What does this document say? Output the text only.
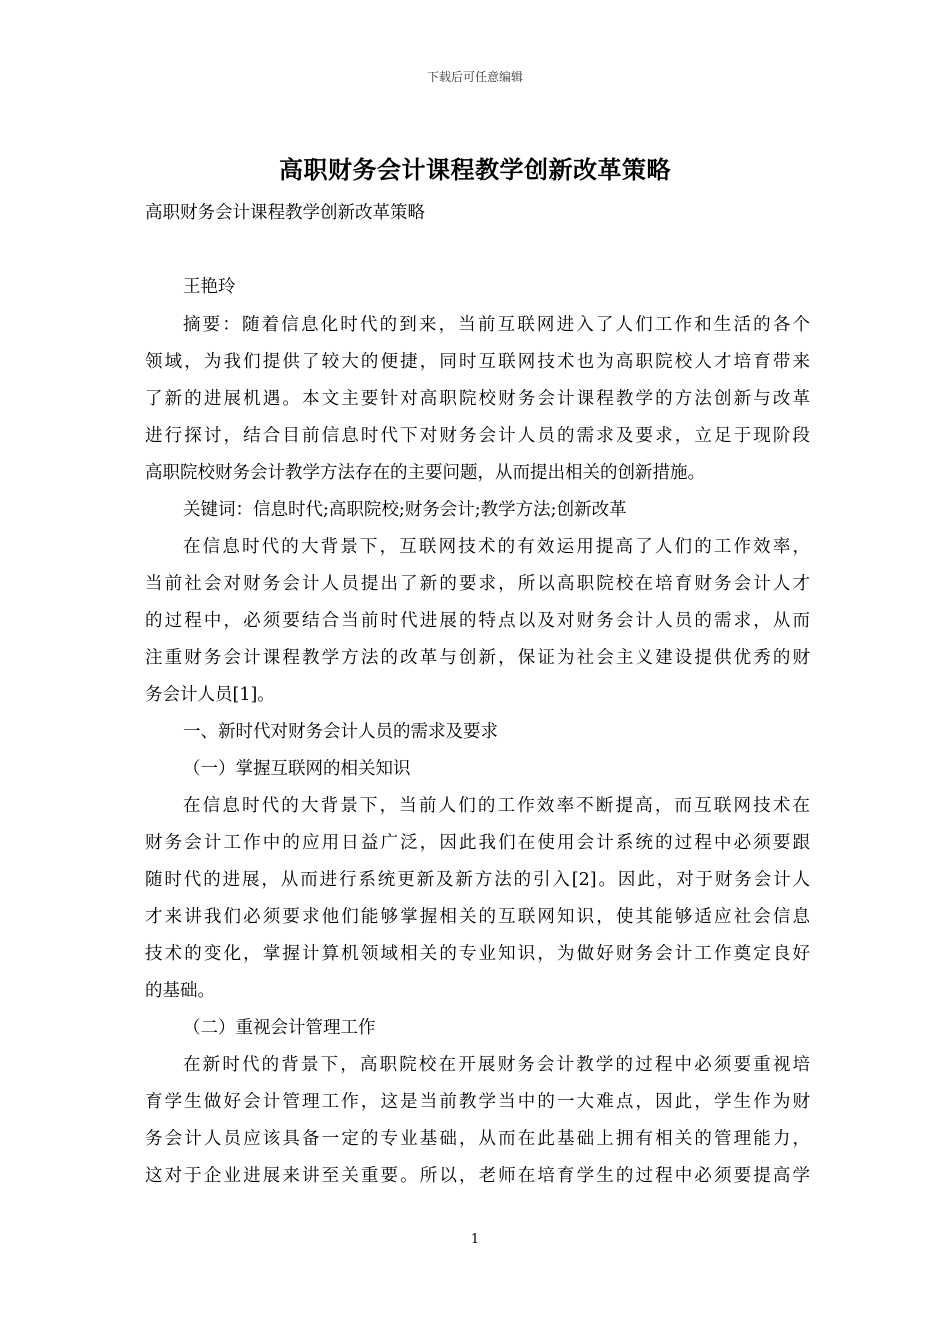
下载后可任意编辑
高职财务会计课程教学创新改革策略
高职财务会计课程教学创新改革策略
王艳玲
摘要：随着信息化时代的到来，当前互联网进入了人们工作和生活的各个
领域，为我们提供了较大的便捷，同时互联网技术也为高职院校人才培育带来
了新的进展机遇。本文主要针对高职院校财务会计课程教学的方法创新与改革
进行探讨，结合目前信息时代下对财务会计人员的需求及要求，立足于现阶段
高职院校财务会计教学方法存在的主要问题，从而提出相关的创新措施。
关键词：信息时代;高职院校;财务会计;教学方法;创新改革
在信息时代的大背景下，互联网技术的有效运用提高了人们的工作效率，
当前社会对财务会计人员提出了新的要求，所以高职院校在培育财务会计人才
的过程中，必须要结合当前时代进展的特点以及对财务会计人员的需求，从而
注重财务会计课程教学方法的改革与创新，保证为社会主义建设提供优秀的财
务会计人员[1]。
一、新时代对财务会计人员的需求及要求
（一）掌握互联网的相关知识
在信息时代的大背景下，当前人们的工作效率不断提高，而互联网技术在
财务会计工作中的应用日益广泛，因此我们在使用会计系统的过程中必须要跟
随时代的进展，从而进行系统更新及新方法的引入[2]。因此，对于财务会计人
才来讲我们必须要求他们能够掌握相关的互联网知识，使其能够适应社会信息
技术的变化，掌握计算机领域相关的专业知识，为做好财务会计工作奠定良好
的基础。
（二）重视会计管理工作
在新时代的背景下，高职院校在开展财务会计教学的过程中必须要重视培
育学生做好会计管理工作，这是当前教学当中的一大难点，因此，学生作为财
务会计人员应该具备一定的专业基础，从而在此基础上拥有相关的管理能力，
这对于企业进展来讲至关重要。所以，老师在培育学生的过程中必须要提高学
1
